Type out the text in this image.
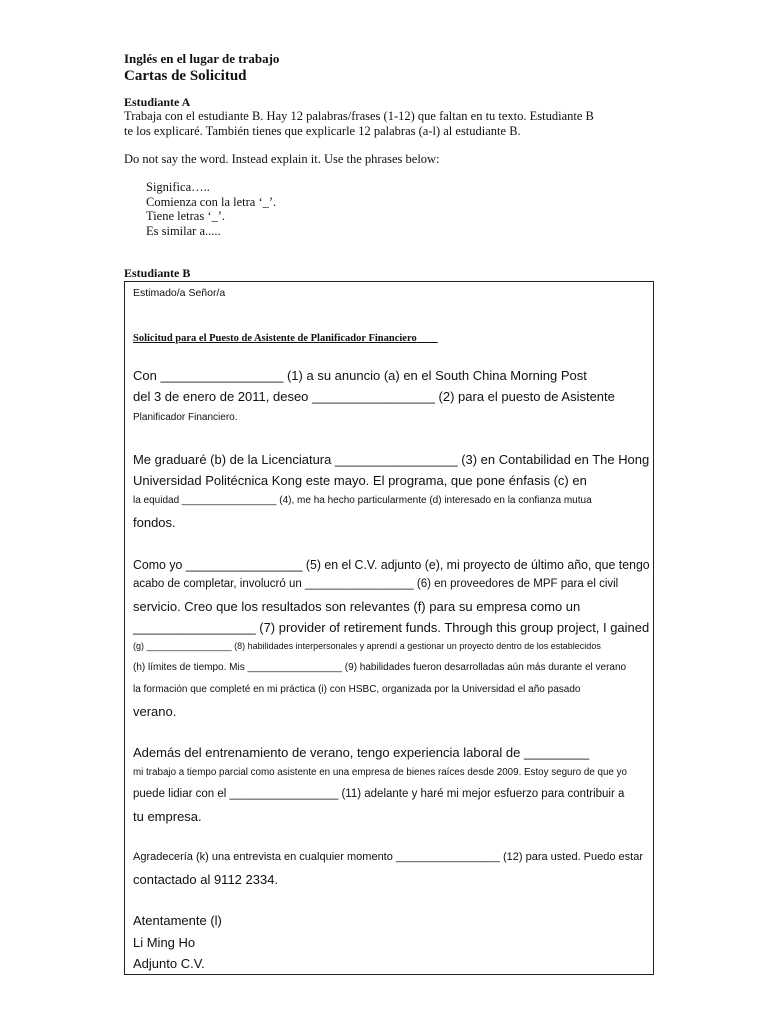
Inglés en el lugar de trabajo
Cartas de Solicitud
Estudiante A
Trabaja con el estudiante B. Hay 12 palabras/frases (1-12) que faltan en tu texto. Estudiante B
te los explicaré. También tienes que explicarle 12 palabras (a-l) al estudiante B.
Do not say the word. Instead explain it. Use the phrases below:
Significa…..
Comienza con la letra ‘_’.
Tiene letras ‘_’.
Es similar a.....
Estudiante B
Estimado/a Señor/a
Solicitud para el Puesto de Asistente de Planificador Financiero
Con _________________ (1) a su anuncio (a) en el South China Morning Post
del 3 de enero de 2011, deseo _________________ (2) para el puesto de Asistente
Planificador Financiero.
Me graduaré (b) de la Licenciatura _________________ (3) en Contabilidad en The Hong
Universidad Politécnica Kong este mayo. El programa, que pone énfasis (c) en
la equidad _________________ (4), me ha hecho particularmente (d) interesado en la confianza mutua
fondos.
Como yo _________________ (5) en el C.V. adjunto (e), mi proyecto de último año, que tengo
acabo de completar, involucró un _________________ (6) en proveedores de MPF para el civil
servicio. Creo que los resultados son relevantes (f) para su empresa como un
_________________ (7) provider of retirement funds. Through this group project, I gained
(g) _________________ (8) habilidades interpersonales y aprendí a gestionar un proyecto dentro de los establecidos
(h) límites de tiempo. Mis _________________ (9) habilidades fueron desarrolladas aún más durante el verano
la formación que completé en mi práctica (i) con HSBC, organizada por la Universidad el año pasado
verano.
Además del entrenamiento de verano, tengo experiencia laboral de _________
mi trabajo a tiempo parcial como asistente en una empresa de bienes raíces desde 2009. Estoy seguro de que yo
puede lidiar con el _________________ (11) adelante y haré mi mejor esfuerzo para contribuir a
tu empresa.
Agradecería (k) una entrevista en cualquier momento _________________ (12) para usted. Puedo estar
contactado al 9112 2334.
Atentamente (l)
Li Ming Ho
Adjunto C.V.
